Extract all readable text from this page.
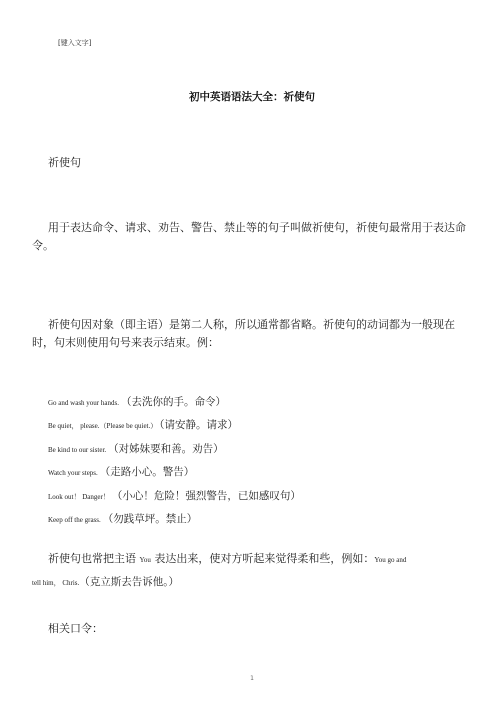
[键入文字]
初中英语语法大全：祈使句
祈使句
用于表达命令、请求、劝告、警告、禁止等的句子叫做祈使句，祈使句最常用于表达命令。
祈使句因对象（即主语）是第二人称，所以通常都省略。祈使句的动词都为一般现在时，句末则使用句号来表示结束。例：
Go and wash your hands. （去洗你的手。命令）
Be quiet， please.（Please be quiet.） （请安静。请求）
Be kind to our sister. （对姊妹要和善。劝告）
Watch your steps. （走路小心。警告）
Look out！ Danger！ （小心！危险！强烈警告，已如感叹句）
Keep off the grass. （勿践草坪。禁止）
祈使句也常把主语 You 表达出来，使对方听起来觉得柔和些，例如：You go and
tell him， Chris.（克立斯去告诉他。）
相关口令：
1
